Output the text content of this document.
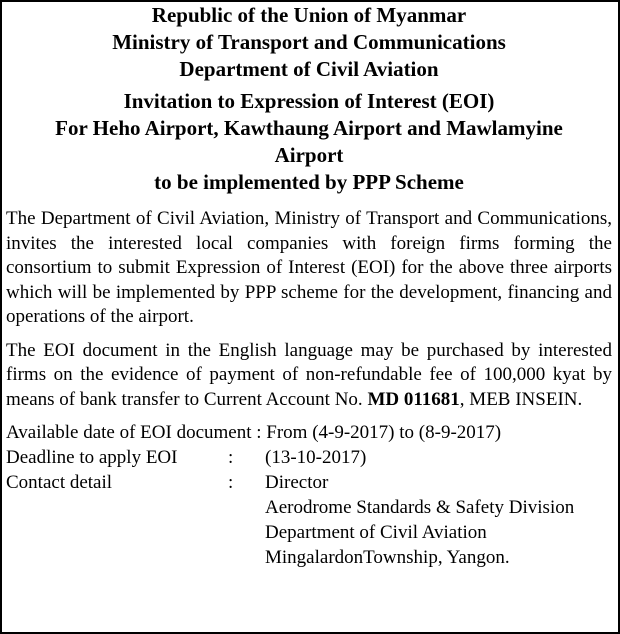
Republic of the Union of Myanmar
Ministry of Transport and Communications
Department of Civil Aviation
Invitation to Expression of Interest (EOI)
For Heho Airport, Kawthaung Airport and Mawlamyine
Airport
to be implemented by PPP Scheme

The Department of Civil Aviation, Ministry of Transport and Communications, invites the interested local companies with foreign firms forming the consortium to submit Expression of Interest (EOI) for the above three airports which will be implemented by PPP scheme for the development, financing and operations of the airport.

The EOI document in the English language may be purchased by interested firms on the evidence of payment of non-refundable fee of 100,000 kyat by means of bank transfer to Current Account No. MD 011681, MEB INSEIN.

Available date of EOI document : From (4-9-2017) to (8-9-2017)
Deadline to apply EOI	:	(13-10-2017)
Contact detail	:	Director
Aerodrome Standards & Safety Division
Department of Civil Aviation
MingalardonTownship, Yangon.
